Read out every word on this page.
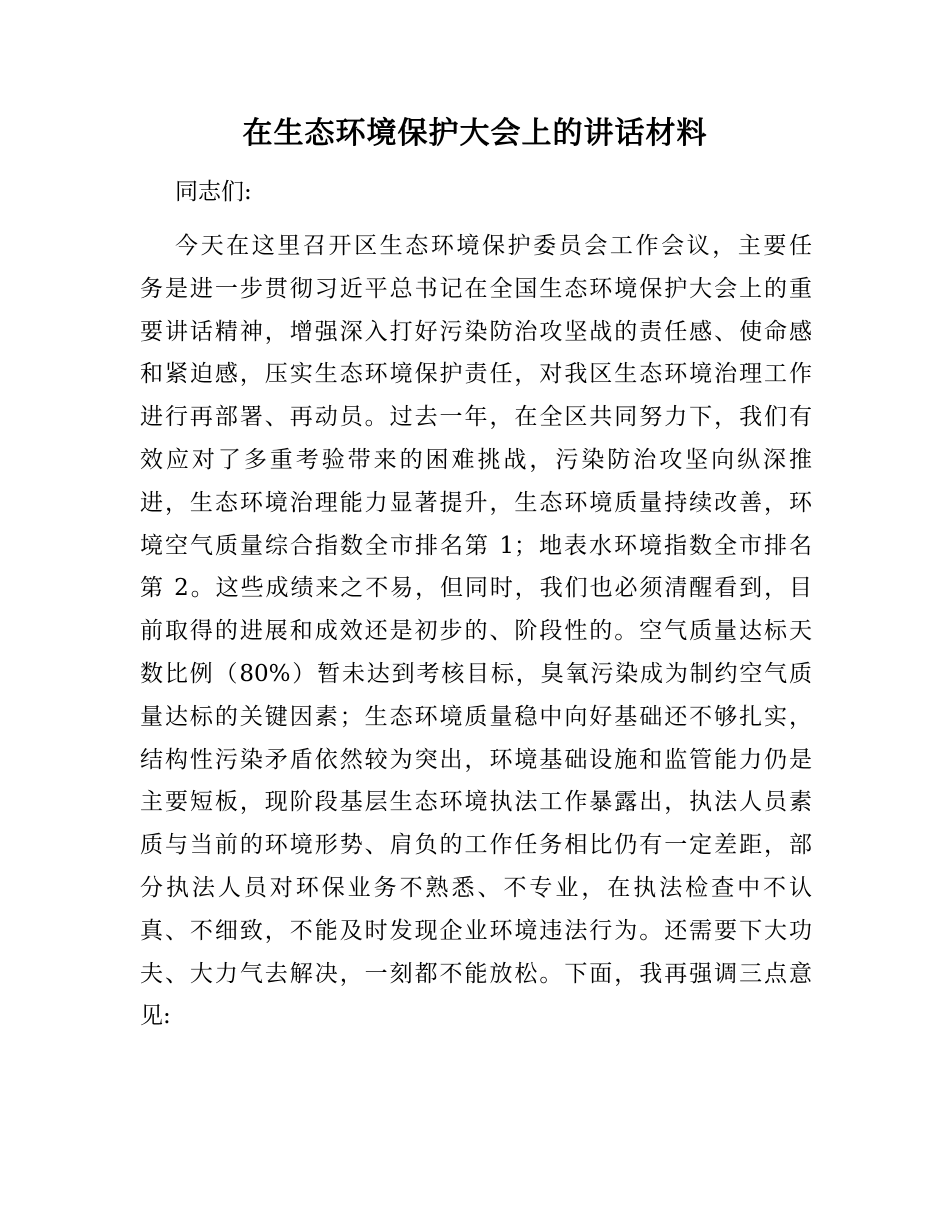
在生态环境保护大会上的讲话材料

同志们:

今天在这里召开区生态环境保护委员会工作会议，主要任
务是进一步贯彻习近平总书记在全国生态环境保护大会上的重
要讲话精神，增强深入打好污染防治攻坚战的责任感、使命感
和紧迫感，压实生态环境保护责任，对我区生态环境治理工作
进行再部署、再动员。过去一年，在全区共同努力下，我们有
效应对了多重考验带来的困难挑战，污染防治攻坚向纵深推
进，生态环境治理能力显著提升，生态环境质量持续改善，环
境空气质量综合指数全市排名第 1；地表水环境指数全市排名
第 2。这些成绩来之不易，但同时，我们也必须清醒看到，目
前取得的进展和成效还是初步的、阶段性的。空气质量达标天
数比例（80%）暂未达到考核目标，臭氧污染成为制约空气质
量达标的关键因素；生态环境质量稳中向好基础还不够扎实，
结构性污染矛盾依然较为突出，环境基础设施和监管能力仍是
主要短板，现阶段基层生态环境执法工作暴露出，执法人员素
质与当前的环境形势、肩负的工作任务相比仍有一定差距，部
分执法人员对环保业务不熟悉、不专业，在执法检查中不认
真、不细致，不能及时发现企业环境违法行为。还需要下大功
夫、大力气去解决，一刻都不能放松。下面，我再强调三点意
见:
